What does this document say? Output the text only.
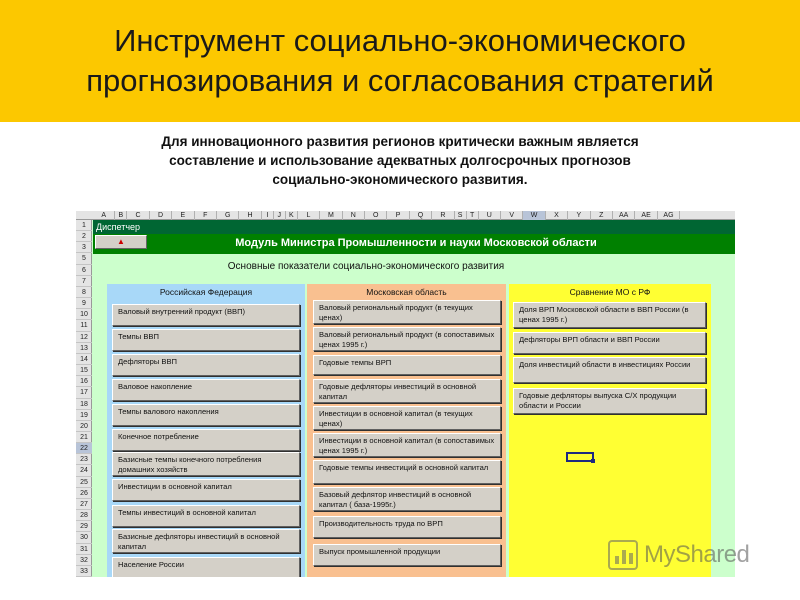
Инструмент социально-экономического прогнозирования и согласования стратегий
Для инновационного развития регионов критически важным является
составление и использование адекватных долгосрочных прогнозов
социально-экономического развития.
A	B	C	D	E	F	G	H	I	J	K	L	M	N	O	P	Q	R	S	T	U	V	W	X	Y	Z	AA	AE	AG
1
2
3
5
6
7
8
9
10
11
12
13
14
15
16
17
18
19
20
21
22
23
24
25
26
27
28
29
30
31
32
33
Диспетчер
▲	Модуль Министра Промышленности и науки Московской области
Основные показатели социально-экономического развития
Российская Федерация
Валовый внутренний продукт (ВВП)
Темпы ВВП
Дефляторы ВВП
Валовое накопление
Темпы валового накопления
Конечное потребление
Базисные темпы конечного потребления домашних хозяйств
Инвестиции в основной капитал
Темпы инвестиций в основной капитал
Базисные дефляторы инвестиций в основной капитал
Население России
Московская область
Валовый региональный продукт (в текущих ценах)
Валовый региональный продукт (в сопоставимых ценах 1995 г.)
Годовые темпы ВРП
Годовые дефляторы инвестиций в основной капитал
Инвестиции в основной капитал (в текущих ценах)
Инвестиции в основной капитал (в сопоставимых ценах 1995 г.)
Годовые темпы инвестиций в основной капитал
Базовый дефлятор инвестиций в основной капитал ( база-1995г.)
Производительность труда по ВРП
Выпуск промышленной продукции
Сравнение МО с РФ
Доля ВРП Московской области в ВВП России (в ценах 1995 г.)
Дефляторы ВРП области и ВВП России
Доля инвестиций области в инвестициях России
Годовые дефляторы выпуска С/Х продукции области и России
MyShared
